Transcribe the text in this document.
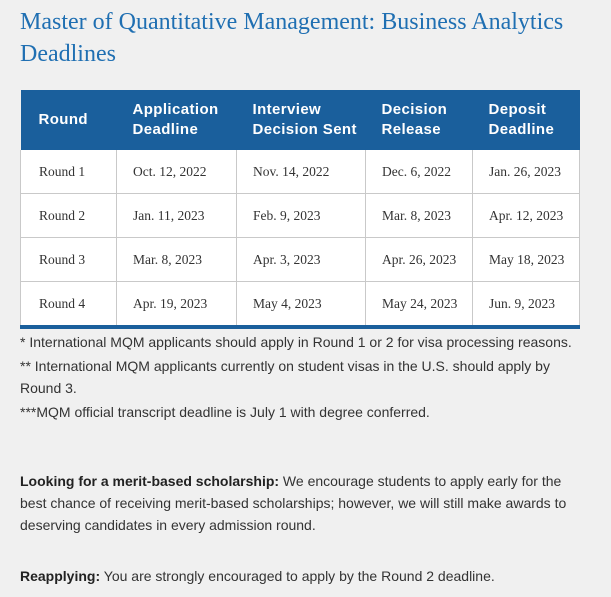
Master of Quantitative Management: Business Analytics Deadlines
Round	Application Deadline	Interview Decision Sent	Decision Release	Deposit Deadline
Round 1	Oct. 12, 2022	Nov. 14, 2022	Dec. 6, 2022	Jan. 26, 2023
Round 2	Jan. 11, 2023	Feb. 9, 2023	Mar. 8, 2023	Apr. 12, 2023
Round 3	Mar. 8, 2023	Apr. 3, 2023	Apr. 26, 2023	May 18, 2023
Round 4	Apr. 19, 2023	May 4, 2023	May 24, 2023	Jun. 9, 2023

* International MQM applicants should apply in Round 1 or 2 for visa processing reasons.

** International MQM applicants currently on student visas in the U.S. should apply by Round 3.

***MQM official transcript deadline is July 1 with degree conferred.

Looking for a merit-based scholarship: We encourage students to apply early for the best chance of receiving merit-based scholarships; however, we will still make awards to deserving candidates in every admission round.

Reapplying: You are strongly encouraged to apply by the Round 2 deadline.
